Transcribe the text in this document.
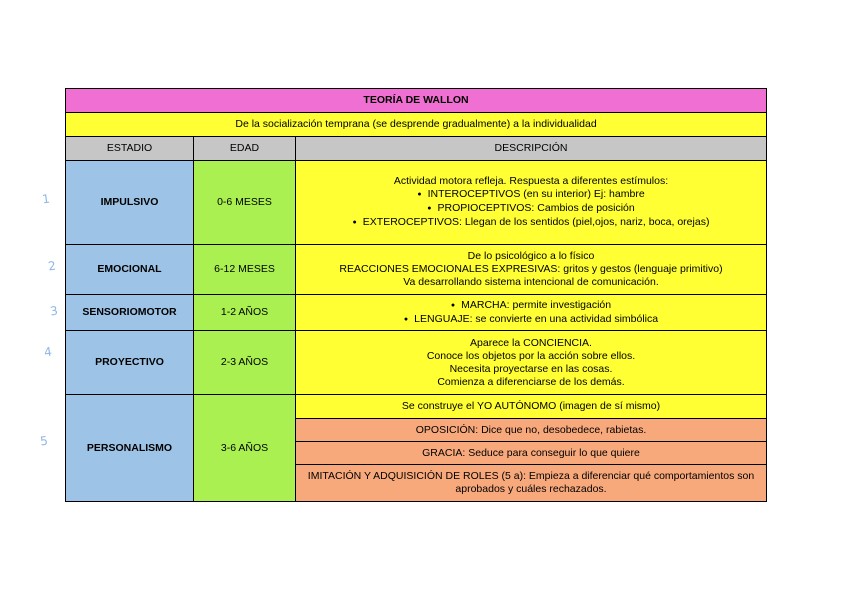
1
2
3
4
5
TEORÍA DE WALLON		
De la socialización temprana (se desprende gradualmente) a la individualidad		
ESTADIO	EDAD	DESCRIPCIÓN
IMPULSIVO	0-6 MESES	Actividad motora refleja. Respuesta a diferentes estímulos:
● INTEROCEPTIVOS (en su interior) Ej: hambre
● PROPIOCEPTIVOS: Cambios de posición
● EXTEROCEPTIVOS: Llegan de los sentidos (piel,ojos, nariz, boca, orejas)

EMOCIONAL	6-12 MESES	De lo psicológico a lo físico
REACCIONES EMOCIONALES EXPRESIVAS: gritos y gestos (lenguaje primitivo)
Va desarrollando sistema intencional de comunicación.

SENSORIOMOTOR	1-2 AÑOS	● MARCHA: permite investigación
● LENGUAJE: se convierte en una actividad simbólica

PROYECTIVO	2-3 AÑOS	Aparece la CONCIENCIA.
Conoce los objetos por la acción sobre ellos.
Necesita proyectarse en las cosas.
Comienza a diferenciarse de los demás.

PERSONALISMO	3-6 AÑOS	Se construye el YO AUTÓNOMO (imagen de sí mismo)
		OPOSICIÓN: Dice que no, desobedece, rabietas.
		GRACIA: Seduce para conseguir lo que quiere
		IMITACIÓN Y ADQUISICIÓN DE ROLES (5 a): Empieza a diferenciar qué comportamientos son aprobados y cuáles rechazados.
